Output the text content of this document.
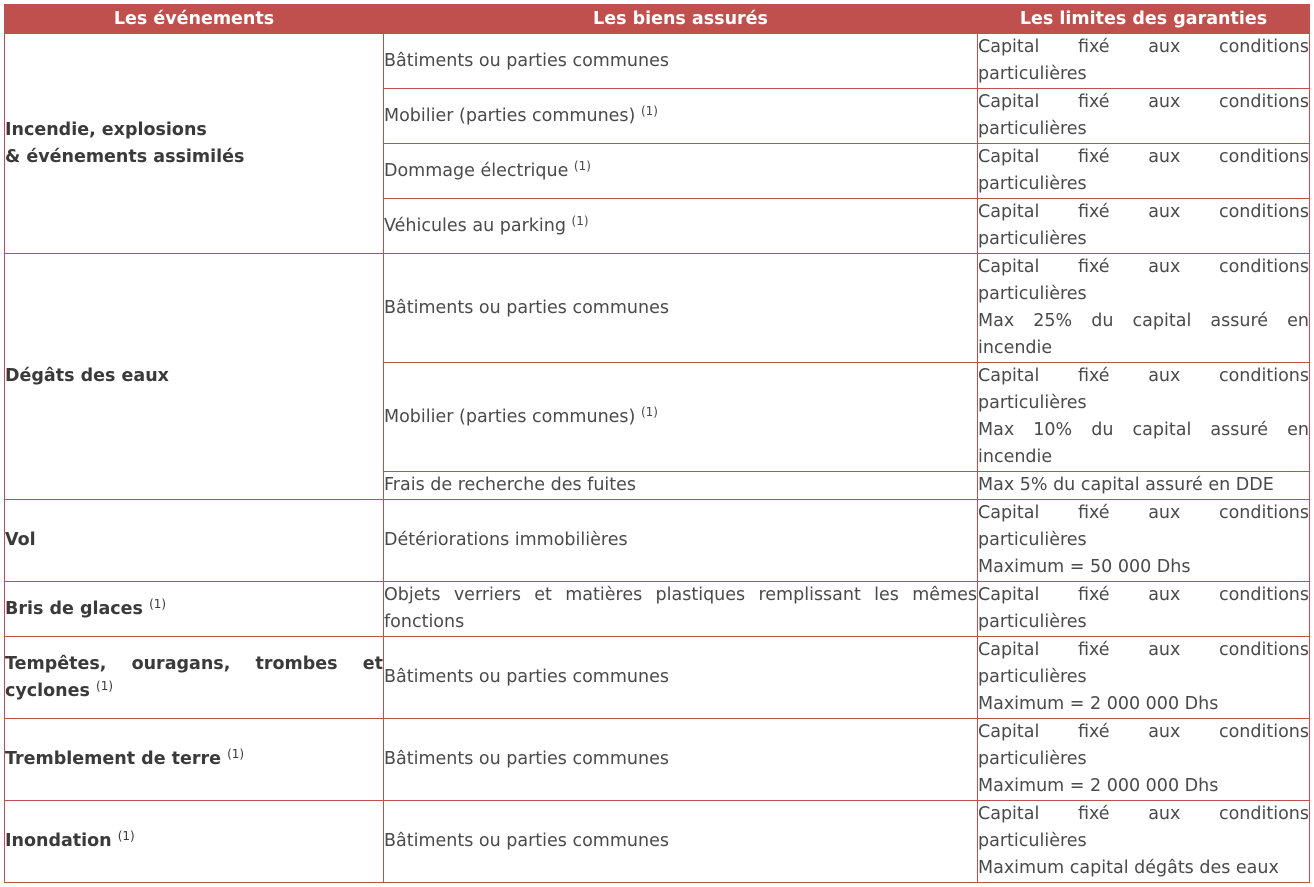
Les événements	Les biens assurés	Les limites des garanties

Incendie, explosions
& événements assimilés	Bâtiments ou parties communes	Capital fixé aux conditions
particulières

	Mobilier (parties communes) $^{(1)}$	Capital fixé aux conditions
particulières

	Dommage électrique $^{(1)}$	Capital fixé aux conditions
particulières

	Véhicules au parking $^{(1)}$	Capital fixé aux conditions
particulières

Dégâts des eaux	Bâtiments ou parties communes	Capital fixé aux conditions
particulières
Max 25% du capital assuré en
incendie

	Mobilier (parties communes) $^{(1)}$	Capital fixé aux conditions
particulières
Max 10% du capital assuré en
incendie

	Frais de recherche des fuites	Max 5% du capital assuré en DDE

Vol	Détériorations immobilières	Capital fixé aux conditions
particulières
Maximum = 50 000 Dhs

Bris de glaces $^{(1)}$	Objets verriers et matières plastiques remplissant les mêmes
fonctions	Capital fixé aux conditions
particulières

Tempêtes, ouragans, trombes et
cyclones $^{(1)}$	Bâtiments ou parties communes	Capital fixé aux conditions
particulières
Maximum = 2 000 000 Dhs

Tremblement de terre $^{(1)}$	Bâtiments ou parties communes	Capital fixé aux conditions
particulières
Maximum = 2 000 000 Dhs

Inondation $^{(1)}$	Bâtiments ou parties communes	Capital fixé aux conditions
particulières
Maximum capital dégâts des eaux
